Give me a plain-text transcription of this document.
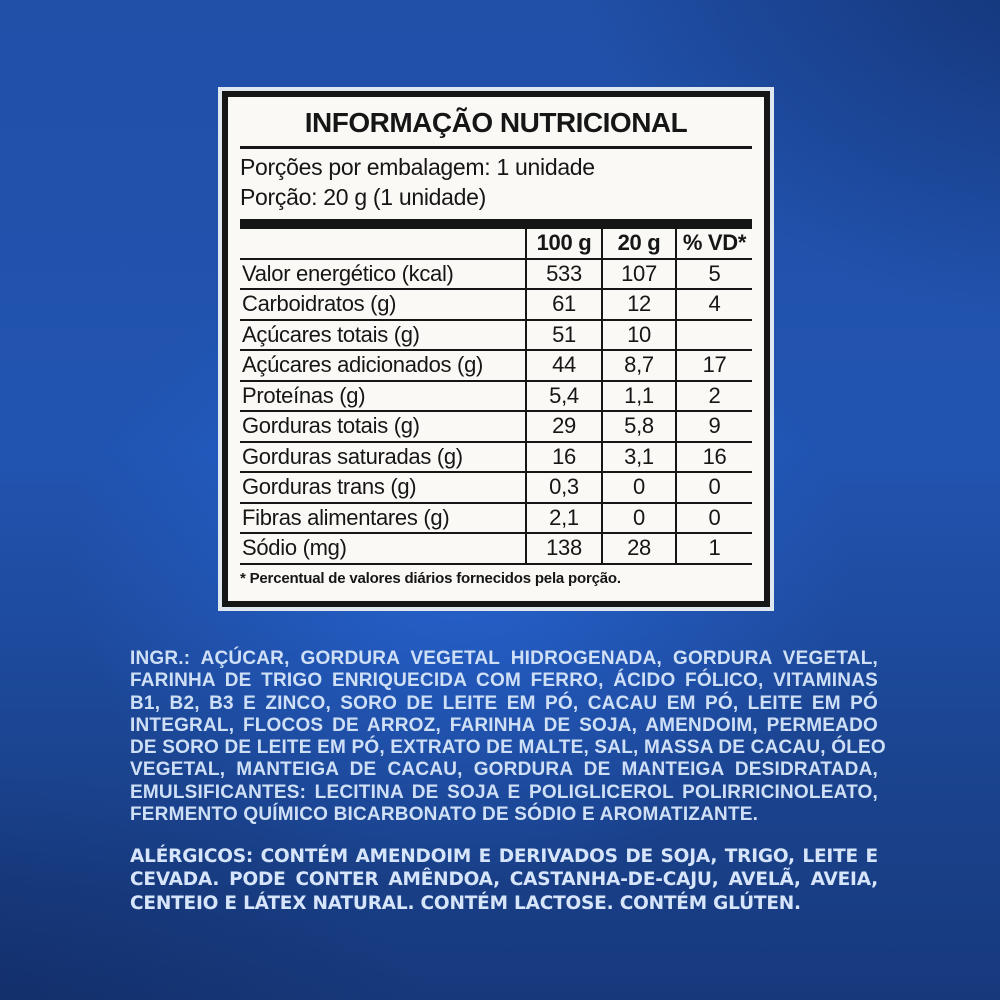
INFORMAÇÃO NUTRICIONAL

Porções por embalagem: 1 unidade

Porção: 20 g (1 unidade)

100 g	20 g	% VD*
Valor energético (kcal)	533	107	5
Carboidratos (g)	61	12	4
Açúcares totais (g)	51	10
Açúcares adicionados (g)	44	8,7	17
Proteínas (g)	5,4	1,1	2
Gorduras totais (g)	29	5,8	9
Gorduras saturadas (g)	16	3,1	16
Gorduras trans (g)	0,3	0	0
Fibras alimentares (g)	2,1	0	0
Sódio (mg)	138	28	1

* Percentual de valores diários fornecidos pela porção.

INGR.: AÇÚCAR, GORDURA VEGETAL HIDROGENADA, GORDURA VEGETAL,
FARINHA DE TRIGO ENRIQUECIDA COM FERRO, ÁCIDO FÓLICO, VITAMINAS
B1, B2, B3 E ZINCO, SORO DE LEITE EM PÓ, CACAU EM PÓ, LEITE EM PÓ
INTEGRAL, FLOCOS DE ARROZ, FARINHA DE SOJA, AMENDOIM, PERMEADO
DE SORO DE LEITE EM PÓ, EXTRATO DE MALTE, SAL, MASSA DE CACAU, ÓLEO
VEGETAL, MANTEIGA DE CACAU, GORDURA DE MANTEIGA DESIDRATADA,
EMULSIFICANTES: LECITINA DE SOJA E POLIGLICEROL POLIRRICINOLEATO,
FERMENTO QUÍMICO BICARBONATO DE SÓDIO E AROMATIZANTE.
ALÉRGICOS: CONTÉM AMENDOIM E DERIVADOS DE SOJA, TRIGO, LEITE E
CEVADA. PODE CONTER AMÊNDOA, CASTANHA-DE-CAJU, AVELÃ, AVEIA,
CENTEIO E LÁTEX NATURAL. CONTÉM LACTOSE. CONTÉM GLÚTEN.
